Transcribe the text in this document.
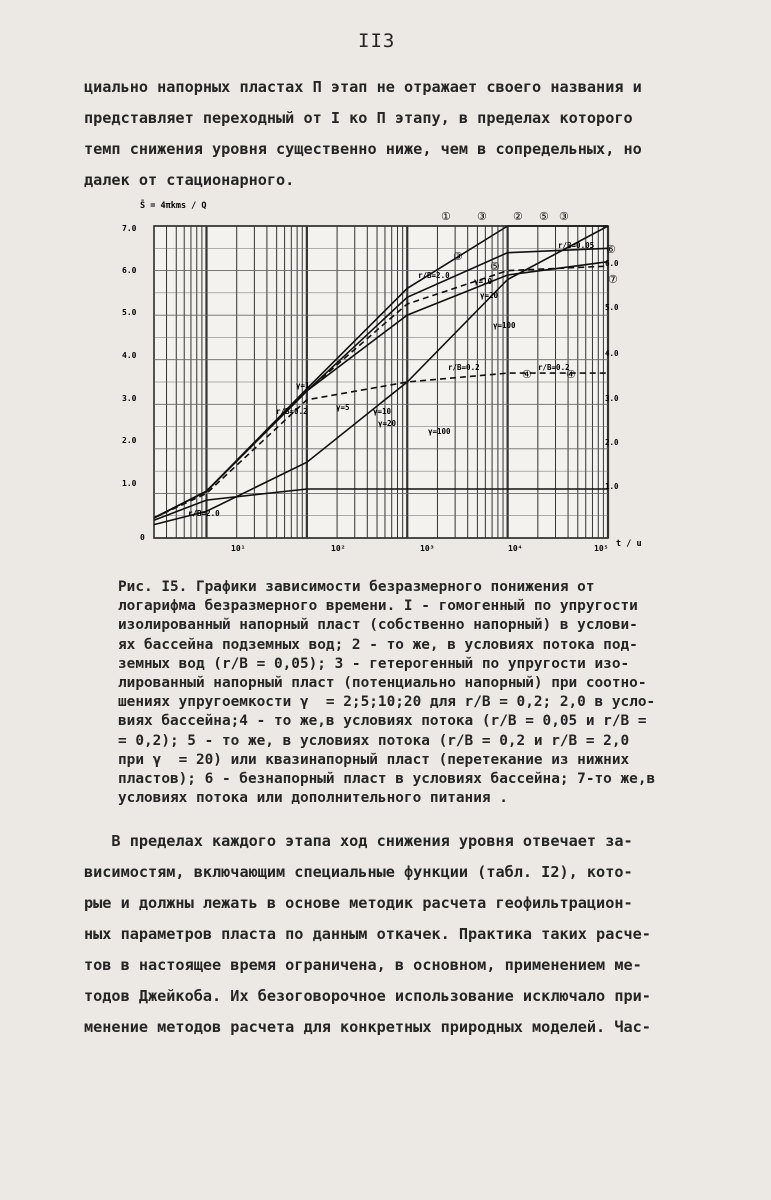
II3
циально напорных пластах П этап не отражает своего названия и
представляет переходный от I ко П этапу, в пределах которого
темп снижения уровня существенно ниже, чем в сопредельных, но
далек от стационарного.
7.0
6.0
5.0
4.0
3.0
2.0
1.0
0
6.0
5.0
4.0
3.0
2.0
1.0
10¹	10²	10³	10⁴	10⁵
S̄ = 4πkms / Q
t / u
① ③ ② ⑤ ③
⑥
⑦
③
⑤
④	④
γ=1
r/B=0.2	γ=5	γ=10
γ=20
γ=100
r/B=2.0
r/B=0.05
r/B=0.2
γ=10
γ=20
γ=100
r/B=2.0
r/B=0.2
Рис. I5. Графики зависимости безразмерного понижения от
логарифма безразмерного времени. I - гомогенный по упругости
изолированный напорный пласт (собственно напорный) в услови-
ях бассейна подземных вод; 2 - то же, в условиях потока под-
земных вод (r/B = 0,05); 3 - гетерогенный по упругости изо-
лированный напорный пласт (потенциально напорный) при соотно-
шениях упругоемкости γ  = 2;5;10;20 для r/B = 0,2; 2,0 в усло-
виях бассейна;4 - то же,в условиях потока (r/B = 0,05 и r/B =
= 0,2); 5 - то же, в условиях потока (r/B = 0,2 и r/B = 2,0
при γ  = 20) или квазинапорный пласт (перетекание из нижних
пластов); 6 - безнапорный пласт в условиях бассейна; 7-то же,в
условиях потока или дополнительного питания .
В пределах каждого этапа ход снижения уровня отвечает за-
висимостям, включающим специальные функции (табл. I2), кото-
рые и должны лежать в основе методик расчета геофильтрацион-
ных параметров пласта по данным откачек. Практика таких расче-
тов в настоящее время ограничена, в основном, применением ме-
тодов Джейкоба. Их безоговорочное использование исключало при-
менение методов расчета для конкретных природных моделей. Час-
